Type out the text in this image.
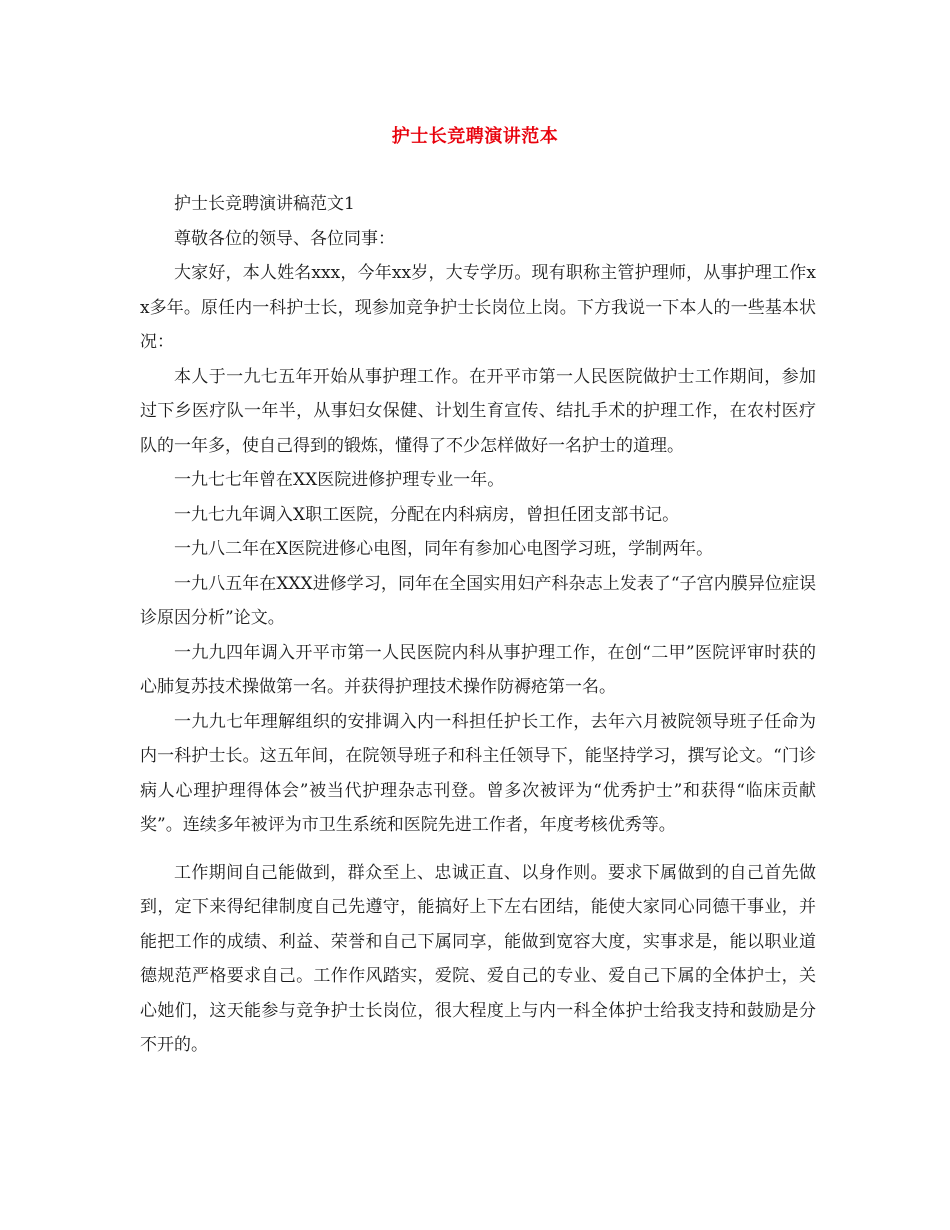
护士长竞聘演讲范本

护士长竞聘演讲稿范文1

尊敬各位的领导、各位同事：

大家好，本人姓名xxx，今年xx岁，大专学历。现有职称主管护理师，从事护理工作xx多年。原任内一科护士长，现参加竞争护士长岗位上岗。下方我说一下本人的一些基本状况：

本人于一九七五年开始从事护理工作。在开平市第一人民医院做护士工作期间，参加过下乡医疗队一年半，从事妇女保健、计划生育宣传、结扎手术的护理工作，在农村医疗队的一年多，使自己得到的锻炼，懂得了不少怎样做好一名护士的道理。

一九七七年曾在XX医院进修护理专业一年。

一九七九年调入X职工医院，分配在内科病房，曾担任团支部书记。

一九八二年在X医院进修心电图，同年有参加心电图学习班，学制两年。

一九八五年在XXX进修学习，同年在全国实用妇产科杂志上发表了“子宫内膜异位症误诊原因分析”论文。

一九九四年调入开平市第一人民医院内科从事护理工作，在创“二甲”医院评审时获的心肺复苏技术操做第一名。并获得护理技术操作防褥疮第一名。

一九九七年理解组织的安排调入内一科担任护长工作，去年六月被院领导班子任命为内一科护士长。这五年间，在院领导班子和科主任领导下，能坚持学习，撰写论文。“门诊病人心理护理得体会”被当代护理杂志刊登。曾多次被评为“优秀护士”和获得“临床贡献奖”。连续多年被评为市卫生系统和医院先进工作者，年度考核优秀等。

工作期间自己能做到，群众至上、忠诚正直、以身作则。要求下属做到的自己首先做到，定下来得纪律制度自己先遵守，能搞好上下左右团结，能使大家同心同德干事业，并能把工作的成绩、利益、荣誉和自己下属同享，能做到宽容大度，实事求是，能以职业道德规范严格要求自己。工作作风踏实，爱院、爱自己的专业、爱自己下属的全体护士，关心她们，这天能参与竞争护士长岗位，很大程度上与内一科全体护士给我支持和鼓励是分不开的。
